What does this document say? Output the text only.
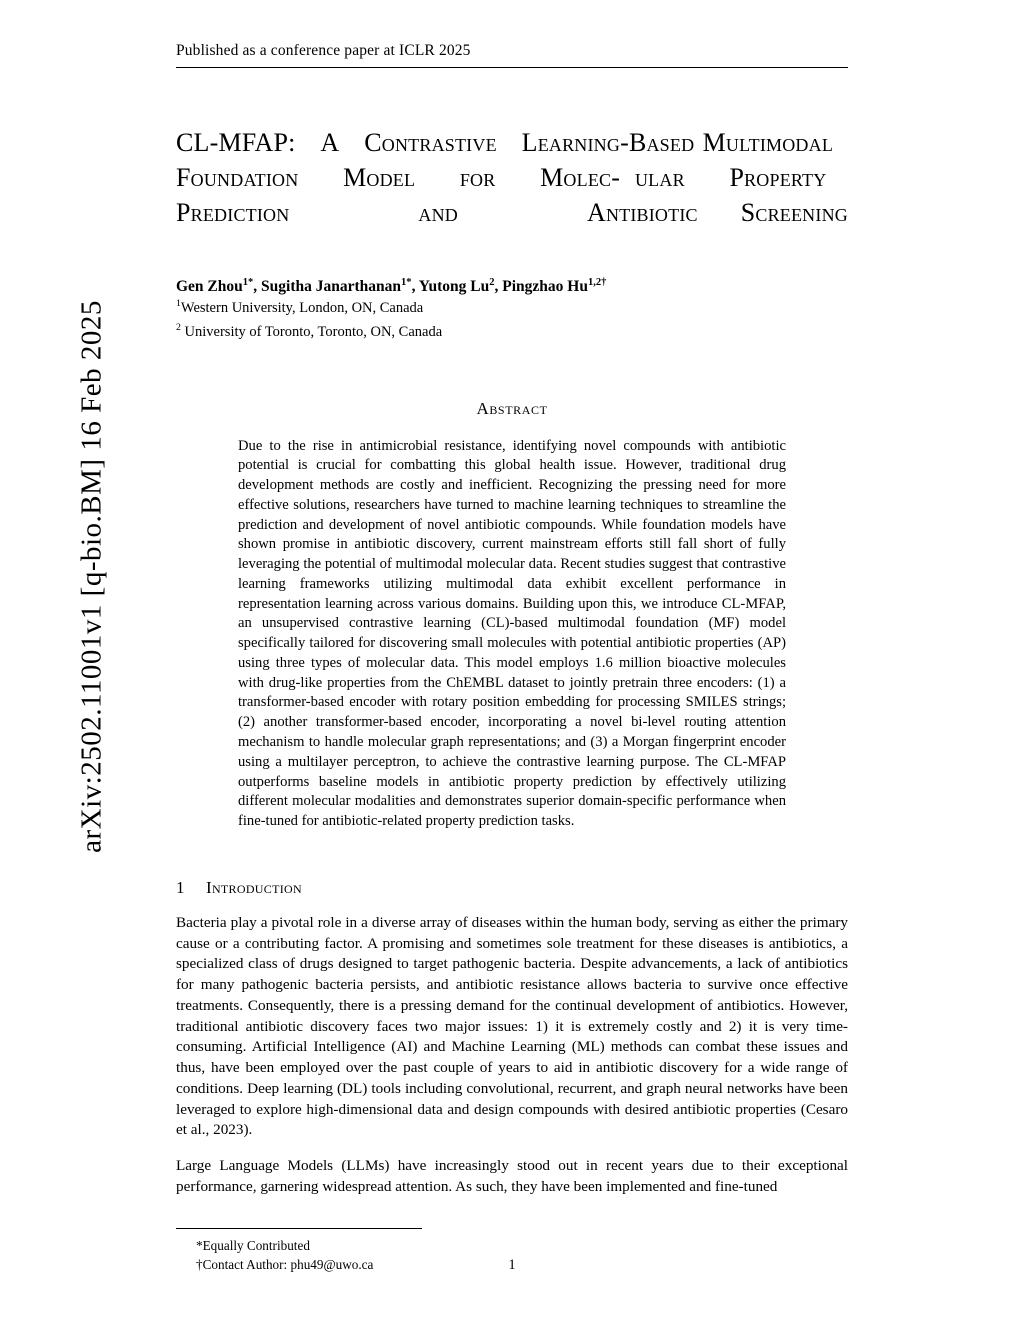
arXiv:2502.11001v1 [q-bio.BM] 16 Feb 2025
Published as a conference paper at ICLR 2025
CL-MFAP: A Contrastive Learning-Based Multimodal   Foundation Model for Molec- ular Property   Prediction	and	Antibiotic Screening
Gen Zhou$^{1*}$, Sugitha Janarthanan$^{1*}$, Yutong Lu$^2$, Pingzhao $Hu^{1,2\dagger}$
$^1$Western University, London, ON, Canada
$^2$ University of Toronto, Toronto, ON, Canada
Abstract
Due to the rise in antimicrobial resistance, identifying novel compounds with antibiotic potential is crucial for combatting this global health issue. However, traditional drug development methods are costly and inefficient. Recognizing the pressing need for more effective solutions, researchers have turned to machine learning techniques to streamline the prediction and development of novel antibiotic compounds. While foundation models have shown promise in antibiotic discovery, current mainstream efforts still fall short of fully leveraging the potential of multimodal molecular data. Recent studies suggest that contrastive learning frameworks utilizing multimodal data exhibit excellent performance in representation learning across various domains. Building upon this, we introduce CL-MFAP, an unsupervised contrastive learning (CL)-based multimodal foundation (MF) model specifically tailored for discovering small molecules with potential antibiotic properties (AP) using three types of molecular data. This model employs 1.6 million bioactive molecules with drug-like properties from the ChEMBL dataset to jointly pretrain three encoders: (1) a transformer-based encoder with rotary position embedding for processing SMILES strings; (2) another transformer-based encoder, incorporating a novel bi-level routing attention mechanism to handle molecular graph representations; and (3) a Morgan fingerprint encoder using a multilayer perceptron, to achieve the contrastive learning purpose. The CL-MFAP outperforms baseline models in antibiotic property prediction by effectively utilizing different molecular modalities and demonstrates superior domain-specific performance when fine-tuned for antibiotic-related property prediction tasks.
1 Introduction
Bacteria play a pivotal role in a diverse array of diseases within the human body, serving as either the primary cause or a contributing factor. A promising and sometimes sole treatment for these diseases is antibiotics, a specialized class of drugs designed to target pathogenic bacteria. Despite advancements, a lack of antibiotics for many pathogenic bacteria persists, and antibiotic resistance allows bacteria to survive once effective treatments. Consequently, there is a pressing demand for the continual development of antibiotics. However, traditional antibiotic discovery faces two major issues: 1) it is extremely costly and 2) it is very time-consuming. Artificial Intelligence (AI) and Machine Learning (ML) methods can combat these issues and thus, have been employed over the past couple of years to aid in antibiotic discovery for a wide range of conditions. Deep learning (DL) tools including convolutional, recurrent, and graph neural networks have been leveraged to explore high-dimensional data and design compounds with desired antibiotic properties (Cesaro et al., 2023).
Large Language Models (LLMs) have increasingly stood out in recent years due to their exceptional performance, garnering widespread attention. As such, they have been implemented and fine-tuned
*Equally Contributed
†Contact Author: phu49@uwo.ca	1
